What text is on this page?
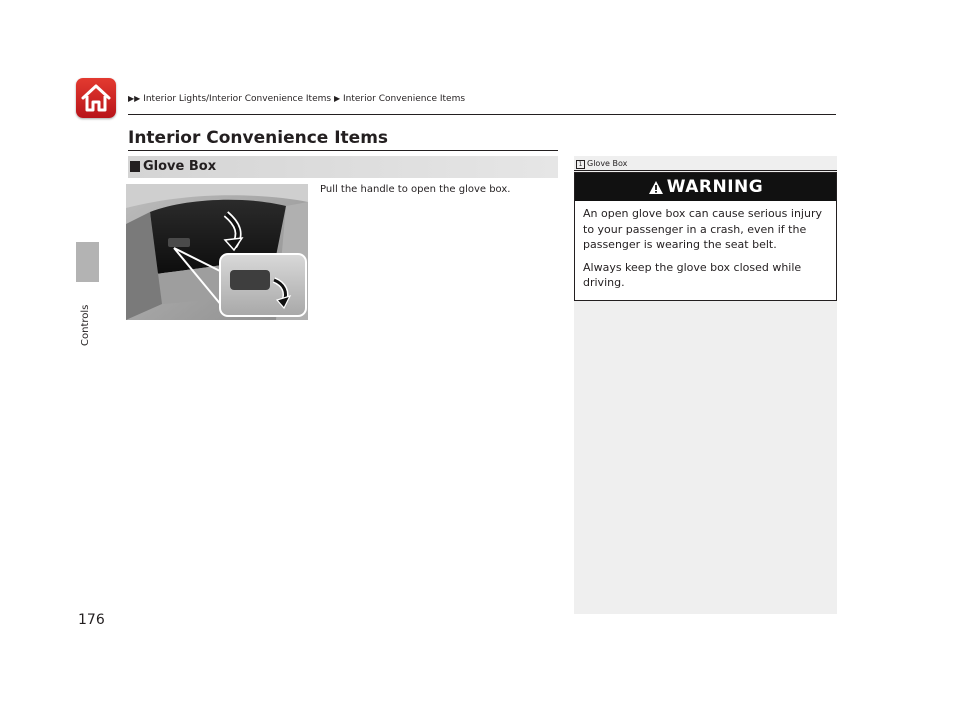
▶▶ Interior Lights/Interior Convenience Items ▶ Interior Convenience Items
Controls
176
Interior Convenience Items
Glove Box
Pull the handle to open the glove box.
1 Glove Box
WARNING

An open glove box can cause serious injury to your passenger in a crash, even if the passenger is wearing the seat belt.

Always keep the glove box closed while driving.
